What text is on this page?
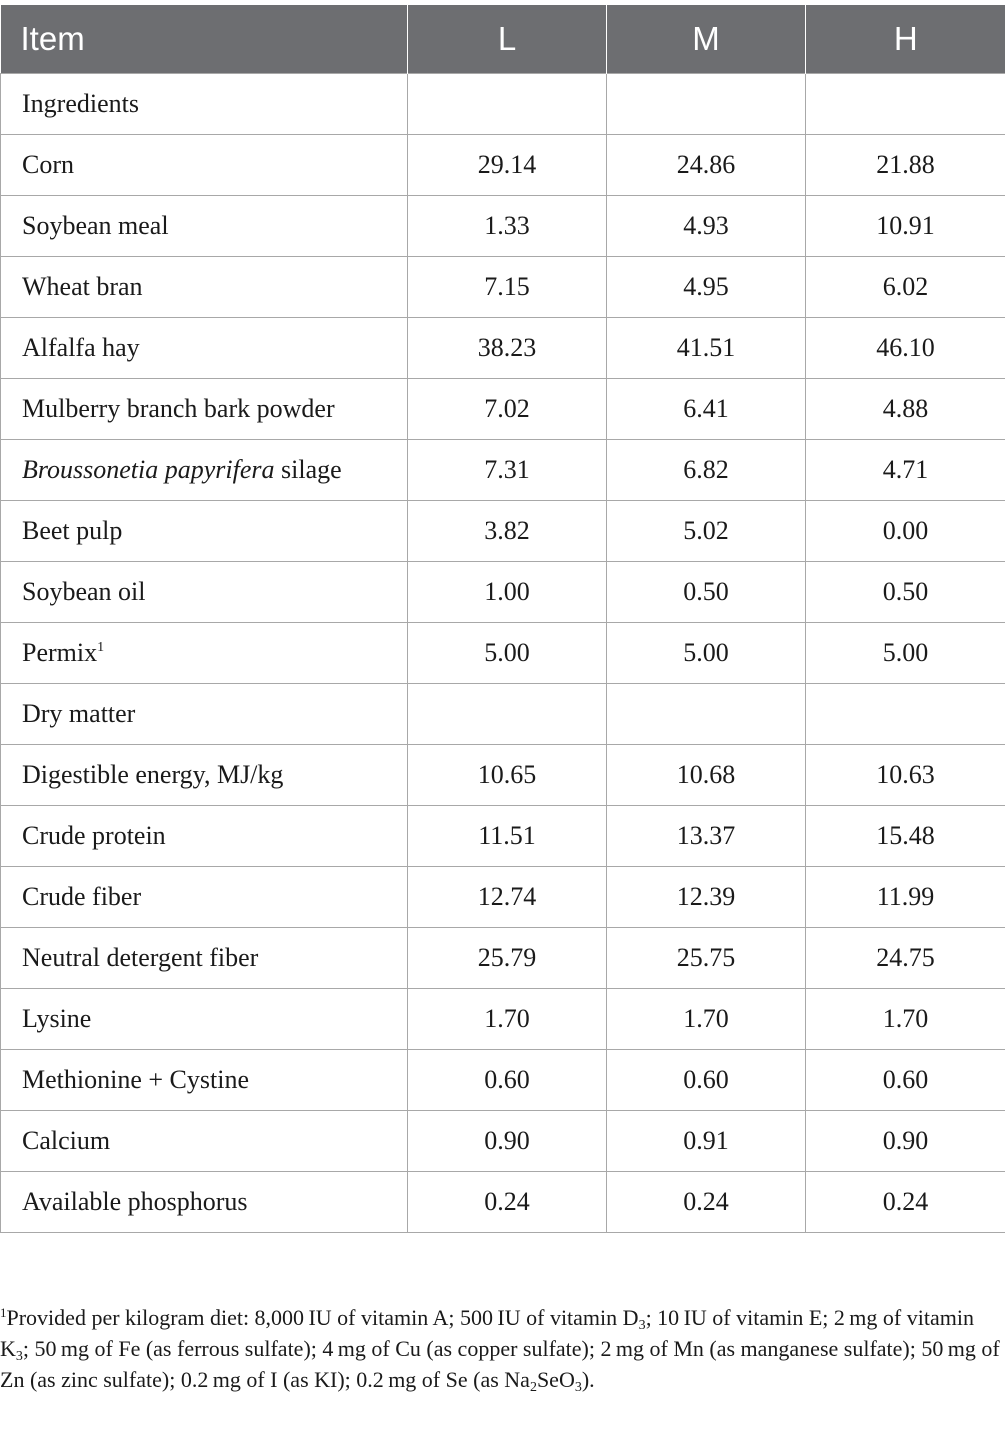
Item	L	M	H
Ingredients			
Corn	29.14	24.86	21.88
Soybean meal	1.33	4.93	10.91
Wheat bran	7.15	4.95	6.02
Alfalfa hay	38.23	41.51	46.10
Mulberry branch bark powder	7.02	6.41	4.88
Broussonetia papyrifera silage	7.31	6.82	4.71
Beet pulp	3.82	5.02	0.00
Soybean oil	1.00	0.50	0.50
Permix$^1$	5.00	5.00	5.00
Dry matter			
Digestible energy, MJ/kg	10.65	10.68	10.63
Crude protein	11.51	13.37	15.48
Crude fiber	12.74	12.39	11.99
Neutral detergent fiber	25.79	25.75	24.75
Lysine	1.70	1.70	1.70
Methionine + Cystine	0.60	0.60	0.60
Calcium	0.90	0.91	0.90
Available phosphorus	0.24	0.24	0.24
$^1$Provided per kilogram diet: 8,000 IU of vitamin A; 500 IU of vitamin $D_3$; 10 IU of vitamin E; 2 mg of vitamin $K_3$; 50 mg of Fe (as ferrous sulfate); 4 mg of Cu (as copper sulfate); 2 mg of Mn (as manganese sulfate); 50 mg of Zn (as zinc sulfate); 0.2 mg of I (as KI); 0.2 mg of Se (as $Na_2SeO_3$).
